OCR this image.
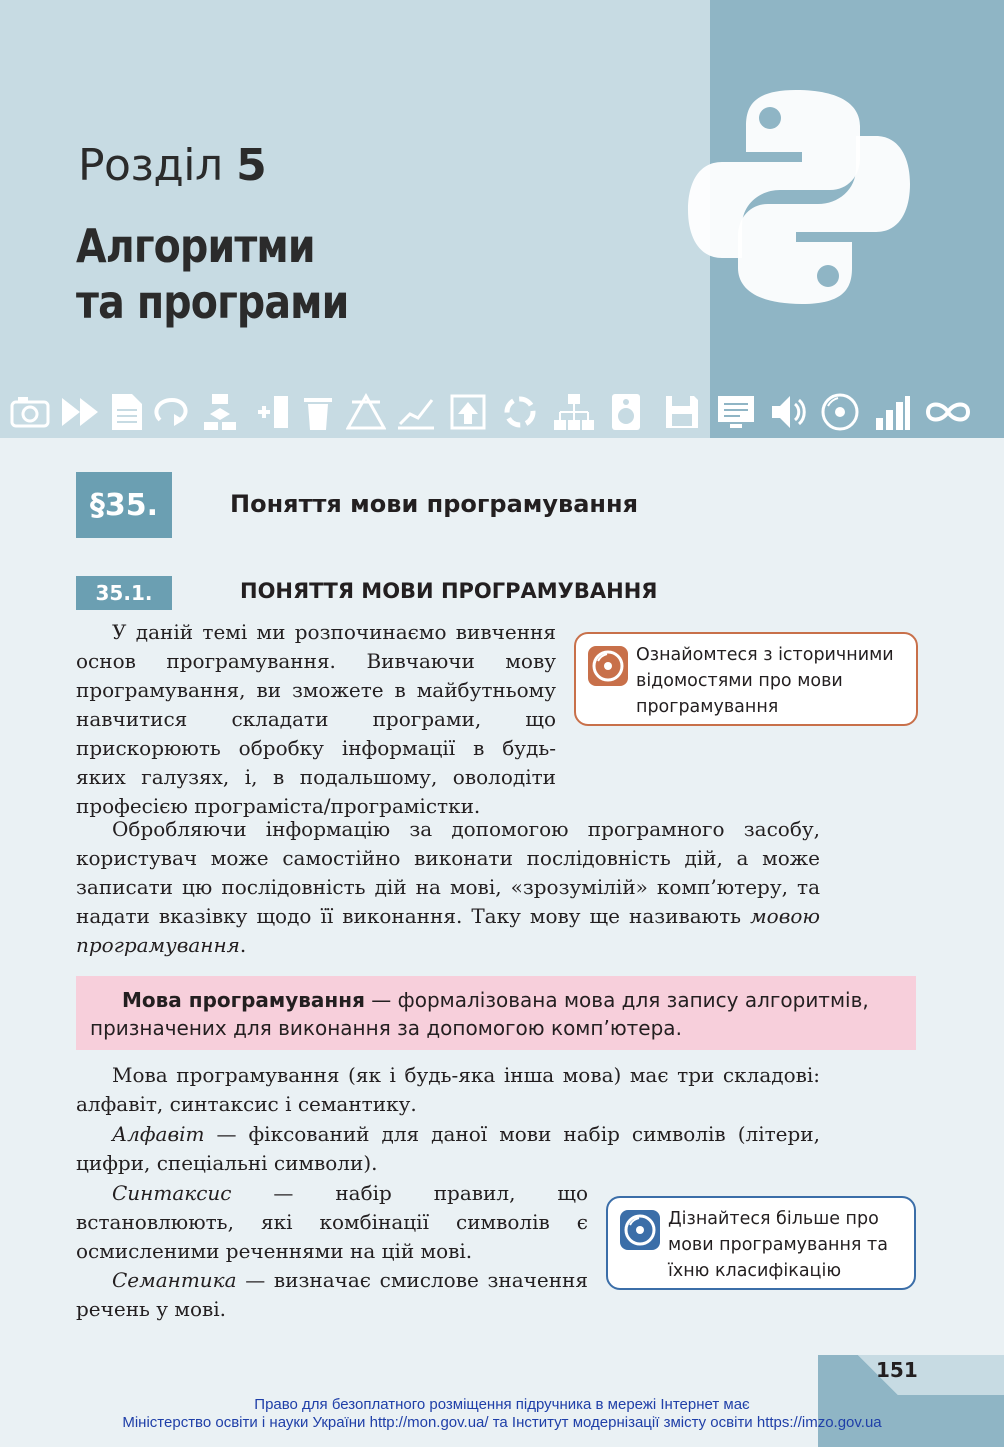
Розділ 5
Алгоритми
та програми
§35.	Поняття мови програмування
35.1.	ПОНЯТТЯ МОВИ ПРОГРАМУВАННЯ

У даній темі ми розпочинаємо вивчення основ програмування. Вивчаючи мову програмування, ви зможете в майбутньому навчитися складати програми, що прискорюють обробку інформації в будь-яких галузях, і, в подальшому, оволодіти професією програміста/програмістки.

Ознайомтеся з історичними відомостями про мови програмування

Обробляючи інформацію за допомогою програмного засобу, користувач може самостійно виконати послідовність дій, а може записати цю послідовність дій на мові, «зрозумілій» комп’ютеру, та надати вказівку щодо її виконання. Таку мову ще називають мовою програмування.

Мова програмування — формалізована мова для запису алгоритмів, призначених для виконання за допомогою комп’ютера.

Мова програмування (як і будь-яка інша мова) має три складові: алфавіт, синтаксис і семантику.

Алфавіт — фіксований для даної мови набір символів (літери, цифри, спеціальні символи).

Синтаксис — набір правил, що встановлюють, які комбінації символів є осмисленими реченнями на цій мові.

Семантика — визначає смислове значення речень у мові.

Дізнайтеся більше про мови програмування та їхню класифікацію
151
Право для безоплатного розміщення підручника в мережі Інтернет має
Міністерство освіти і науки України http://mon.gov.ua/ та Інститут модернізації змісту освіти https://imzo.gov.ua
